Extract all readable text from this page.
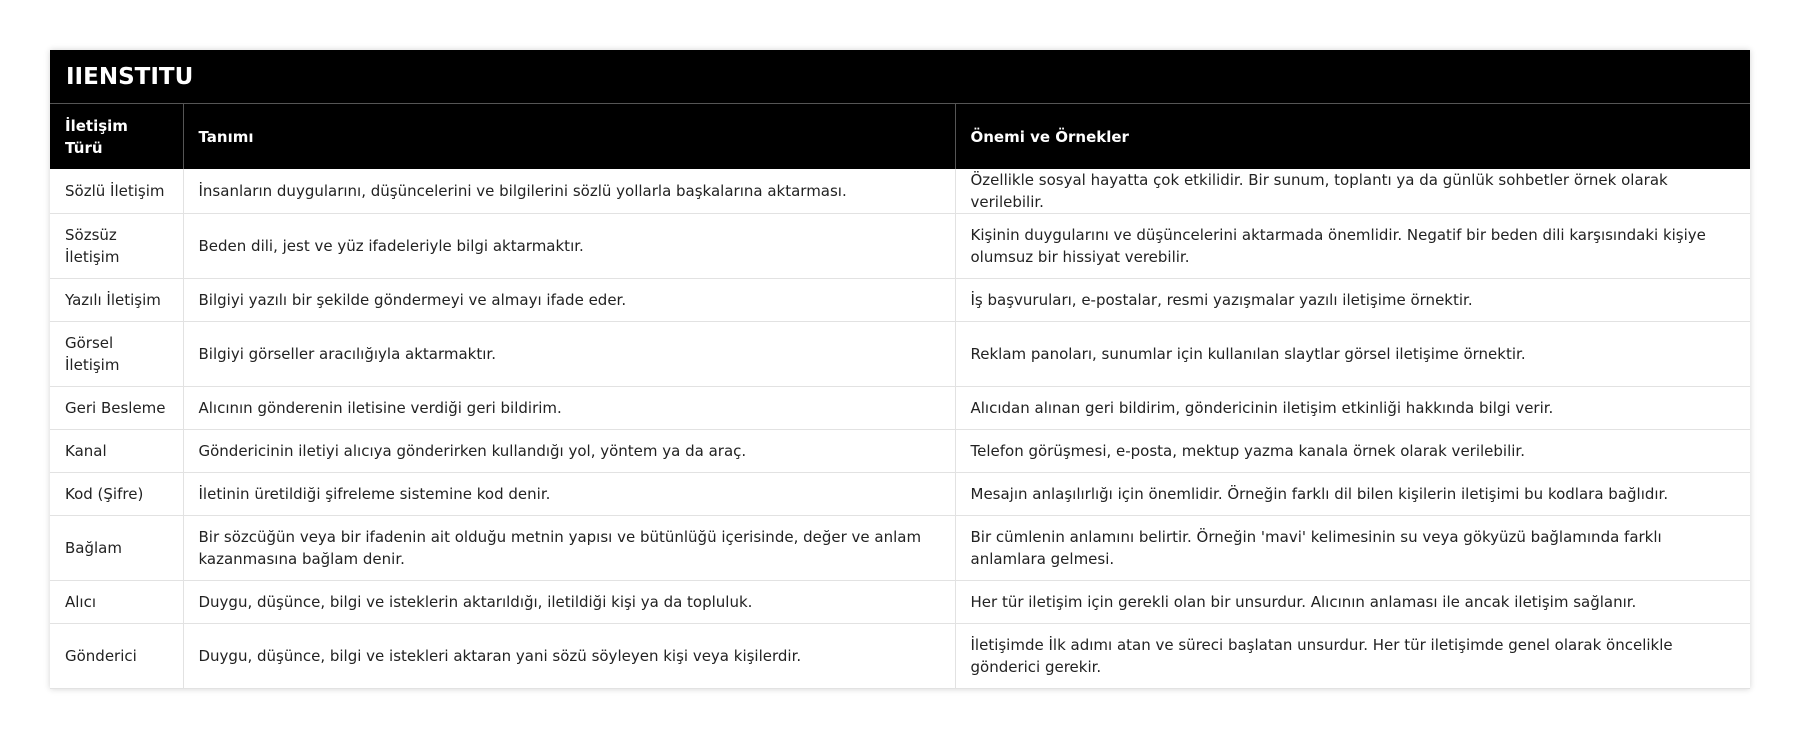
IIENSTITU
İletişim Türü	Tanımı	Önemi ve Örnekler
Sözlü İletişim	İnsanların duygularını, düşüncelerini ve bilgilerini sözlü yollarla başkalarına aktarması.	Özellikle sosyal hayatta çok etkilidir. Bir sunum, toplantı ya da günlük sohbetler örnek olarak verilebilir.
Sözsüz İletişim	Beden dili, jest ve yüz ifadeleriyle bilgi aktarmaktır.	Kişinin duygularını ve düşüncelerini aktarmada önemlidir. Negatif bir beden dili karşısındaki kişiye olumsuz bir hissiyat verebilir.
Yazılı İletişim	Bilgiyi yazılı bir şekilde göndermeyi ve almayı ifade eder.	İş başvuruları, e-postalar, resmi yazışmalar yazılı iletişime örnektir.
Görsel İletişim	Bilgiyi görseller aracılığıyla aktarmaktır.	Reklam panoları, sunumlar için kullanılan slaytlar görsel iletişime örnektir.
Geri Besleme	Alıcının gönderenin iletisine verdiği geri bildirim.	Alıcıdan alınan geri bildirim, göndericinin iletişim etkinliği hakkında bilgi verir.
Kanal	Göndericinin iletiyi alıcıya gönderirken kullandığı yol, yöntem ya da araç.	Telefon görüşmesi, e-posta, mektup yazma kanala örnek olarak verilebilir.
Kod (Şifre)	İletinin üretildiği şifreleme sistemine kod denir.	Mesajın anlaşılırlığı için önemlidir. Örneğin farklı dil bilen kişilerin iletişimi bu kodlara bağlıdır.
Bağlam	Bir sözcüğün veya bir ifadenin ait olduğu metnin yapısı ve bütünlüğü içerisinde, değer ve anlam kazanmasına bağlam denir.	Bir cümlenin anlamını belirtir. Örneğin 'mavi' kelimesinin su veya gökyüzü bağlamında farklı anlamlara gelmesi.
Alıcı	Duygu, düşünce, bilgi ve isteklerin aktarıldığı, iletildiği kişi ya da topluluk.	Her tür iletişim için gerekli olan bir unsurdur. Alıcının anlaması ile ancak iletişim sağlanır.
Gönderici	Duygu, düşünce, bilgi ve istekleri aktaran yani sözü söyleyen kişi veya kişilerdir.	İletişimde İlk adımı atan ve süreci başlatan unsurdur. Her tür iletişimde genel olarak öncelikle gönderici gerekir.
